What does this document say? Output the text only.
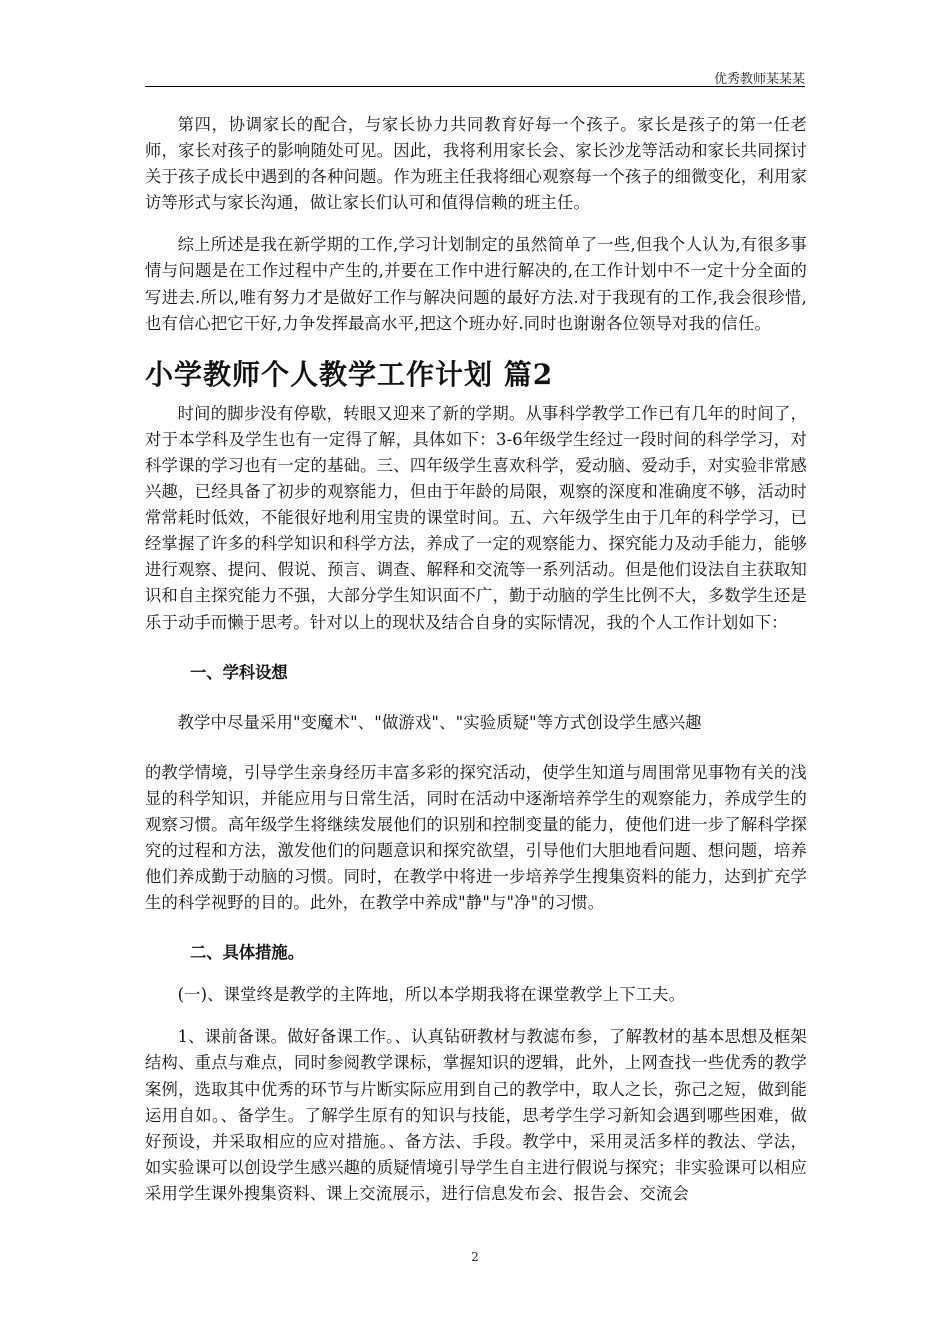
优秀教师某某某

第四，协调家长的配合，与家长协力共同教育好每一个孩子。家长是孩子的第一任老师，家长对孩子的影响随处可见。因此，我将利用家长会、家长沙龙等活动和家长共同探讨关于孩子成长中遇到的各种问题。作为班主任我将细心观察每一个孩子的细微变化，利用家访等形式与家长沟通，做让家长们认可和值得信赖的班主任。

综上所述是我在新学期的工作,学习计划制定的虽然简单了一些,但我个人认为,有很多事情与问题是在工作过程中产生的,并要在工作中进行解决的,在工作计划中不一定十分全面的写进去.所以,唯有努力才是做好工作与解决问题的最好方法.对于我现有的工作,我会很珍惜,也有信心把它干好,力争发挥最高水平,把这个班办好.同时也谢谢各位领导对我的信任。

小学教师个人教学工作计划 篇2

时间的脚步没有停歇，转眼又迎来了新的学期。从事科学教学工作已有几年的时间了，对于本学科及学生也有一定得了解，具体如下：3-6年级学生经过一段时间的科学学习，对科学课的学习也有一定的基础。三、四年级学生喜欢科学，爱动脑、爱动手，对实验非常感兴趣，已经具备了初步的观察能力，但由于年龄的局限，观察的深度和准确度不够，活动时常常耗时低效，不能很好地利用宝贵的课堂时间。五、六年级学生由于几年的科学学习，已经掌握了许多的科学知识和科学方法，养成了一定的观察能力、探究能力及动手能力，能够进行观察、提问、假说、预言、调查、解释和交流等一系列活动。但是他们设法自主获取知识和自主探究能力不强，大部分学生知识面不广，勤于动脑的学生比例不大，多数学生还是乐于动手而懒于思考。针对以上的现状及结合自身的实际情况，我的个人工作计划如下：

一、学科设想

教学中尽量采用"变魔术"、"做游戏"、"实验质疑"等方式创设学生感兴趣

的教学情境，引导学生亲身经历丰富多彩的探究活动，使学生知道与周围常见事物有关的浅显的科学知识，并能应用与日常生活，同时在活动中逐渐培养学生的观察能力，养成学生的观察习惯。高年级学生将继续发展他们的识别和控制变量的能力，使他们进一步了解科学探究的过程和方法，激发他们的问题意识和探究欲望，引导他们大胆地看问题、想问题，培养他们养成勤于动脑的习惯。同时，在教学中将进一步培养学生搜集资料的能力，达到扩充学生的科学视野的目的。此外，在教学中养成"静"与"净"的习惯。

二、具体措施。

(一)、课堂终是教学的主阵地，所以本学期我将在课堂教学上下工夫。

1、课前备课。做好备课工作。、认真钻研教材与教滤布参，了解教材的基本思想及框架结构、重点与难点，同时参阅教学课标，掌握知识的逻辑，此外，上网查找一些优秀的教学案例，选取其中优秀的环节与片断实际应用到自己的教学中，取人之长，弥己之短，做到能运用自如。、备学生。了解学生原有的知识与技能，思考学生学习新知会遇到哪些困难，做好预设，并采取相应的应对措施。、备方法、手段。教学中，采用灵活多样的教法、学法，如实验课可以创设学生感兴趣的质疑情境引导学生自主进行假说与探究；非实验课可以相应采用学生课外搜集资料、课上交流展示，进行信息发布会、报告会、交流会

2
